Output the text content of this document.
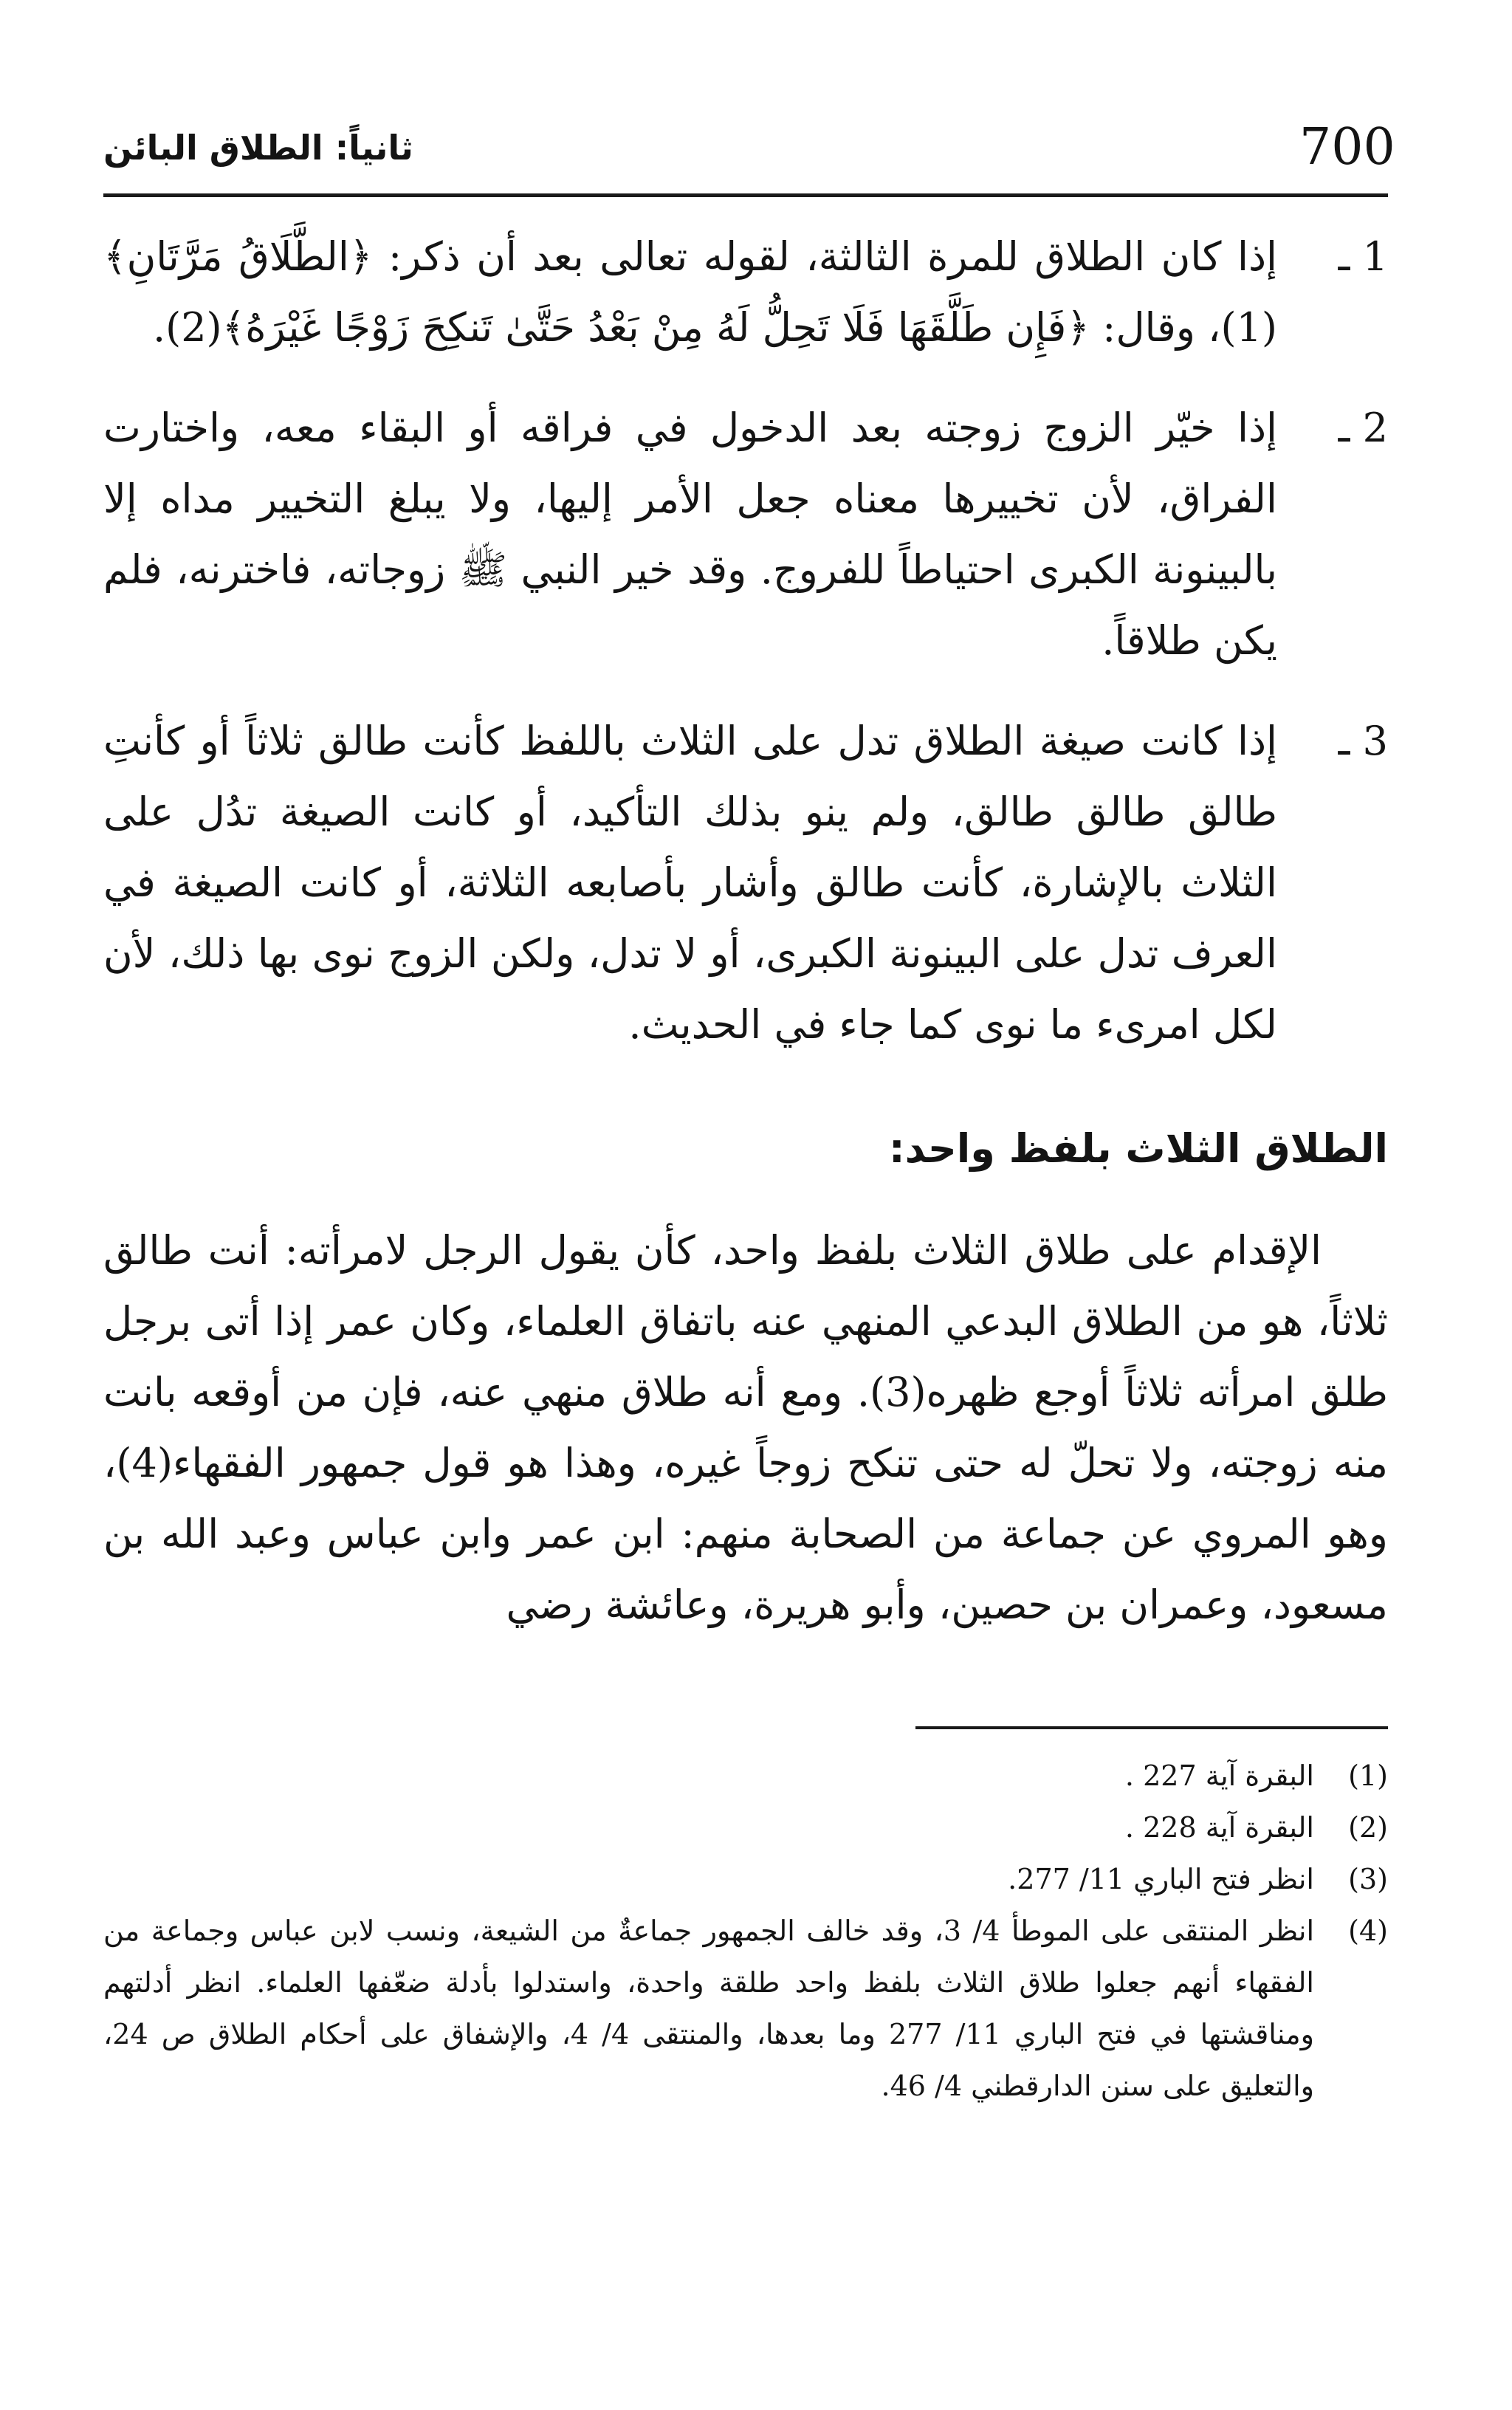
ثانياً: الطلاق البائن	700
1 ـ
إذا كان الطلاق للمرة الثالثة، لقوله تعالى بعد أن ذكر: ﴿الطَّلَاقُ مَرَّتَانِ﴾(1)، وقال: ﴿فَإِن طَلَّقَهَا فَلَا تَحِلُّ لَهُ مِنْ بَعْدُ حَتَّىٰ تَنكِحَ زَوْجًا غَيْرَهُ﴾(2).
2 ـ
إذا خيّر الزوج زوجته بعد الدخول في فراقه أو البقاء معه، واختارت الفراق، لأن تخييرها معناه جعل الأمر إليها، ولا يبلغ التخيير مداه إلا بالبينونة الكبرى احتياطاً للفروج. وقد خير النبي ﷺ زوجاته، فاخترنه، فلم يكن طلاقاً.
3 ـ
إذا كانت صيغة الطلاق تدل على الثلاث باللفظ كأنت طالق ثلاثاً أو كأنتِ طالق طالق طالق، ولم ينو بذلك التأكيد، أو كانت الصيغة تدُل على الثلاث بالإشارة، كأنت طالق وأشار بأصابعه الثلاثة، أو كانت الصيغة في العرف تدل على البينونة الكبرى، أو لا تدل، ولكن الزوج نوى بها ذلك، لأن لكل امرىء ما نوى كما جاء في الحديث.
الطلاق الثلاث بلفظ واحد:
الإقدام على طلاق الثلاث بلفظ واحد، كأن يقول الرجل لامرأته: أنت طالق ثلاثاً، هو من الطلاق البدعي المنهي عنه باتفاق العلماء، وكان عمر إذا أتى برجل طلق امرأته ثلاثاً أوجع ظهره(3). ومع أنه طلاق منهي عنه، فإن من أوقعه بانت منه زوجته، ولا تحلّ له حتى تنكح زوجاً غيره، وهذا هو قول جمهور الفقهاء(4)، وهو المروي عن جماعة من الصحابة منهم: ابن عمر وابن عباس وعبد الله بن مسعود، وعمران بن حصين، وأبو هريرة، وعائشة رضي
(1)
البقرة آية 227 .
(2)
البقرة آية 228 .
(3)
انظر فتح الباري 11/ 277.
(4)
انظر المنتقى على الموطأ 4/ 3، وقد خالف الجمهور جماعةٌ من الشيعة، ونسب لابن عباس وجماعة من الفقهاء أنهم جعلوا طلاق الثلاث بلفظ واحد طلقة واحدة، واستدلوا بأدلة ضعّفها العلماء. انظر أدلتهم ومناقشتها في فتح الباري 11/ 277 وما بعدها، والمنتقى 4/ 4، والإشفاق على أحكام الطلاق ص 24، والتعليق على سنن الدارقطني 4/ 46.
